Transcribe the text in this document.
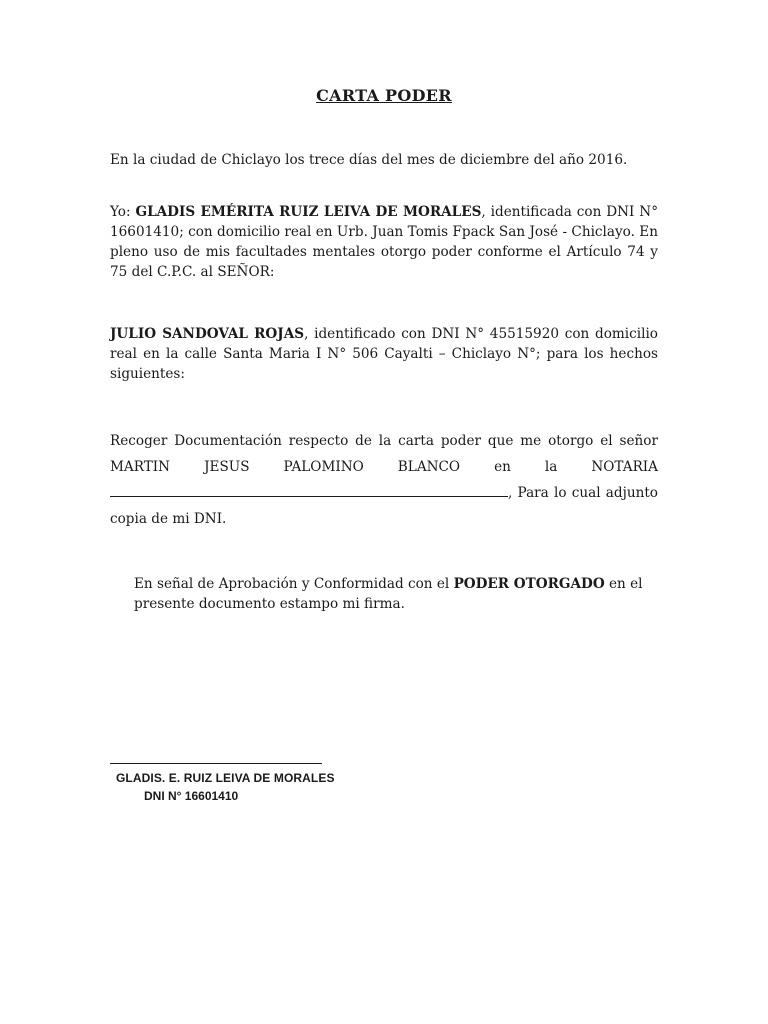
CARTA PODER
En la ciudad de Chiclayo los trece días del mes de diciembre del año 2016.
Yo: GLADIS EMÉRITA RUIZ LEIVA DE MORALES, identificada con DNI N° 16601410; con domicilio real en Urb. Juan Tomis Fpack San José - Chiclayo. En pleno uso de mis facultades mentales otorgo poder conforme el Artículo 74 y 75 del C.P.C. al SEÑOR:
JULIO SANDOVAL ROJAS, identificado con DNI N° 45515920 con domicilio real en la calle Santa Maria I N° 506 Cayalti – Chiclayo N°; para los hechos siguientes:
Recoger Documentación respecto de la carta poder que me otorgo el señor MARTIN JESUS PALOMINO BLANCO en la NOTARIA , Para lo cual adjunto copia de mi DNI.
En señal de Aprobación y Conformidad con el PODER OTORGADO en el presente documento estampo mi firma.
GLADIS. E. RUIZ LEIVA DE MORALES
DNI N° 16601410
